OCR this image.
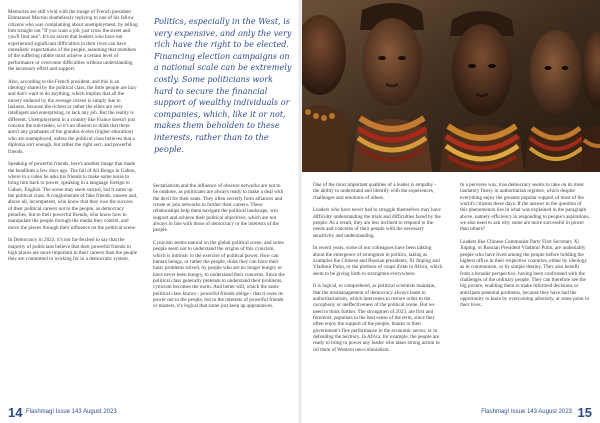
Memories are still vivid with the image of French president Emmanuel Macron shamelessly replying to one of his fellow citizens who was complaining about unemployment, by telling him straight out "If you want a job, just cross the street and you'll find one". It's no secret that leaders who have not experienced significant difficulties in their lives can have unrealistic expectations of the people, assuming that members of the suffering rabble must achieve a certain level of performance or overcome difficulties without understanding the necessary effort and support.

Also, according to the French president, and this is an ideology shared by the political class, the little people are lazy and don't want to do anything, which implies that all the misery endured by the average citizen is simply due to laziness, because the richest or rather the elites are very intelligent and enterprising, to lack any job. But the reality is different. Unemployment in a country like France doesn't just concern the sub-trades, so it's an illusion to think that there aren't any graduates of the grandes écoles (higher education) who are unemployed, unless the political class believes that a diploma isn't enough, but rather the right sect, and powerful friends.

Speaking of powerful friends, here's another image that made the headlines a few days ago. The fall of Ali Bongo in Gabon, where in a video he asks his friends to make some noise to bring him back to power, speaking in a language foreign to Gabon, English. The scene may seem surreal, but it sums up the political class. A conglomerate of fake friends, unseen and, above all, incompetent, who know that they owe the success of their political careers not to the people, as democracy preaches, but to their powerful friends, who know how to manipulate the people through the media they control, and move the pieces through their influence on the political scene.

In Democracy in 2023, it's not far-fetched to say that the majority of politicians believe that their powerful friends in high places are more important in their careers than the people they are committed to working for in a democratic system.

Politics, especially in the West, is very expensive, and only the very rich have the right to be elected. Financing election campaigns on a national scale can be extremely costly. Some politicians work hard to secure the financial support of wealthy individuals or companies, which, like it or not, makes them beholden to these interests, rather than to the people.

Sectarianism and the influence of obscure networks are not to be outdone, as politicians are always ready to make a deal with the devil for their seats. They often secretly form alliances and create or join networks to further their careers. These relationships help them navigate the political landscape, win support and achieve their political objectives, which are not always in line with those of democracy or the interests of the people.

Cynicism seems natural on the global political scene, and some people seem not to understand the origins of this cynicism, which is intrinsic to the exercise of political power. How can human beings, or rather the people, think they can have their basic problems solved, by people who are no longer hungry or have never been hungry, to understand their concerns. Since the political class generally pretends to understand their problems, cynicism becomes the norm. And better still, which the same political class knows - powerful friends oblige - that it owes its power not to the people, but to the interests of powerful friends or masters, it's logical that some just keep up appearances.

One of the most important qualities of a leader is empathy - the ability to understand and identify with the experiences, challenges and emotions of others.

Leaders who have never had to struggle themselves may have difficulty understanding the trials and difficulties faced by the people. As a result, they are less inclined to respond to the needs and concerns of their people with the necessary sensitivity and understanding.

In recent years, some of our colleagues have been talking about the emergence of strongmen in politics, taking as examples the Chinese and Russian presidents, Xi Jinping and Vladimir Putin, or the plethora of coups d'état in Africa, which seem to be giving birth to strongmen everywhere.

It is logical, to comprehend, as political scientists maintain, that the mismanagement of democracy always leads to authoritarianism, which intervenes to restore order to the cacophony or ineffectiveness of the political scene. But we need to think further. The strongmen of 2023, are first and foremost, populists in the best sense of the term, since they often enjoy the support of the people, thanks to their government's fine performance in the economic sector, or in defending the territory. In Africa, for example, the people are ready to bring to power any leader who takes strong action to rid them of Western neo-colonialism.

In a perverse way, true democracy seems to take on its most laudatory finery in authoritarian regimes, which despite everything enjoy the greatest popular support of most of the world's citizens these days. If the answer to the question of this phenomenon lies in what was explained in the paragraph above, namely efficiency in responding to people's aspirations, we also need to ask why some are more successful in power than others?

Leaders like Chinese Communist Party First Secretary Xi Jinping, or Russian President Vladimir Putin, are undeniably people who have lived among the people before holding the highest office in their respective countries, either by ideology as in communism, or by simple destiny. They also benefit from a broader perspective, having been confronted with the challenges of the ordinary people. They can therefore see the big picture, enabling them to make informed decisions or anticipate potential problems, because they have had the opportunity to learn by overcoming adversity, at some point in their lives.

14 Flashmag! Issue 143 August 2023	Flashmag! Issue 143 August 2023 15
